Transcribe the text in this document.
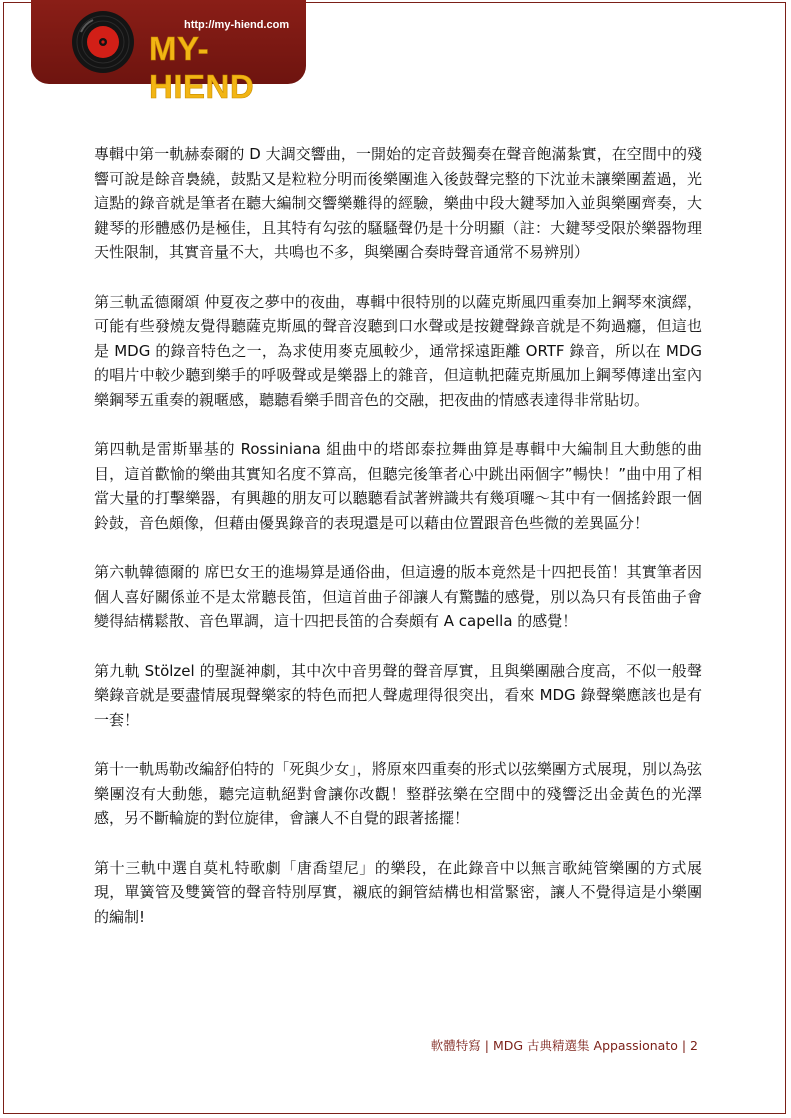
http://my-hiend.com
MY-HIEND

專輯中第一軌赫泰爾的 D 大調交響曲，一開始的定音鼓獨奏在聲音飽滿紮實，在空間中的殘響可說是餘音裊繞，鼓點又是粒粒分明而後樂團進入後鼓聲完整的下沈並未讓樂團蓋過，光這點的錄音就是筆者在聽大編制交響樂難得的經驗，樂曲中段大鍵琴加入並與樂團齊奏，大鍵琴的形體感仍是極佳，且其特有勾弦的騷騷聲仍是十分明顯（註：大鍵琴受限於樂器物理天性限制，其實音量不大，共鳴也不多，與樂團合奏時聲音通常不易辨別）

第三軌孟德爾頌 仲夏夜之夢中的夜曲，專輯中很特別的以薩克斯風四重奏加上鋼琴來演繹，可能有些發燒友覺得聽薩克斯風的聲音沒聽到口水聲或是按鍵聲錄音就是不夠過癮，但這也是 MDG 的錄音特色之一，為求使用麥克風較少，通常採遠距離 ORTF 錄音，所以在 MDG 的唱片中較少聽到樂手的呼吸聲或是樂器上的雜音，但這軌把薩克斯風加上鋼琴傳達出室內樂鋼琴五重奏的親暱感，聽聽看樂手間音色的交融，把夜曲的情感表達得非常貼切。

第四軌是雷斯畢基的 Rossiniana 組曲中的塔郎泰拉舞曲算是專輯中大編制且大動態的曲目，這首歡愉的樂曲其實知名度不算高，但聽完後筆者心中跳出兩個字”暢快！”曲中用了相當大量的打擊樂器，有興趣的朋友可以聽聽看試著辨識共有幾項囉～其中有一個搖鈴跟一個鈴鼓，音色頗像，但藉由優異錄音的表現還是可以藉由位置跟音色些微的差異區分！

第六軌韓德爾的 席巴女王的進場算是通俗曲，但這邊的版本竟然是十四把長笛！其實筆者因個人喜好關係並不是太常聽長笛，但這首曲子卻讓人有驚豔的感覺，別以為只有長笛曲子會變得結構鬆散、音色單調，這十四把長笛的合奏頗有 A capella 的感覺！

第九軌 Stölzel 的聖誕神劇，其中次中音男聲的聲音厚實，且與樂團融合度高，不似一般聲樂錄音就是要盡情展現聲樂家的特色而把人聲處理得很突出，看來 MDG 錄聲樂應該也是有一套！

第十一軌馬勒改編舒伯特的「死與少女」，將原來四重奏的形式以弦樂團方式展現，別以為弦樂團沒有大動態，聽完這軌絕對會讓你改觀！整群弦樂在空間中的殘響泛出金黃色的光澤感，另不斷輪旋的對位旋律，會讓人不自覺的跟著搖擺！

第十三軌中選自莫札特歌劇「唐喬望尼」的樂段，在此錄音中以無言歌純管樂團的方式展現，單簧管及雙簧管的聲音特別厚實，襯底的銅管結構也相當緊密，讓人不覺得這是小樂團的編制!

軟體特寫 | MDG 古典精選集 Appassionato | 2
